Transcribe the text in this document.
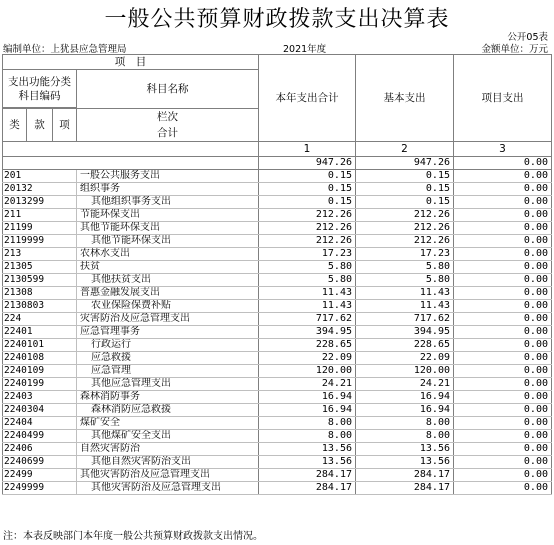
一般公共预算财政拨款支出决算表
公开05表
编制单位：上犹县应急管理局	2021年度	金额单位：万元
项　目				本年支出合计	基本支出	项目支出
支出功能分类科目编码			科目名称			

类	款	项	栏次
合计			

				1	2	3
				947.26	947.26	0.00
201			一般公共服务支出	0.15	0.15	0.00
20132			组织事务	0.15	0.15	0.00
2013299			其他组织事务支出	0.15	0.15	0.00
211			节能环保支出	212.26	212.26	0.00
21199			其他节能环保支出	212.26	212.26	0.00
2119999			其他节能环保支出	212.26	212.26	0.00
213			农林水支出	17.23	17.23	0.00
21305			扶贫	5.80	5.80	0.00
2130599			其他扶贫支出	5.80	5.80	0.00
21308			普惠金融发展支出	11.43	11.43	0.00
2130803			农业保险保费补贴	11.43	11.43	0.00
224			灾害防治及应急管理支出	717.62	717.62	0.00
22401			应急管理事务	394.95	394.95	0.00
2240101			行政运行	228.65	228.65	0.00
2240108			应急救援	22.09	22.09	0.00
2240109			应急管理	120.00	120.00	0.00
2240199			其他应急管理支出	24.21	24.21	0.00
22403			森林消防事务	16.94	16.94	0.00
2240304			森林消防应急救援	16.94	16.94	0.00
22404			煤矿安全	8.00	8.00	0.00
2240499			其他煤矿安全支出	8.00	8.00	0.00
22406			自然灾害防治	13.56	13.56	0.00
2240699			其他自然灾害防治支出	13.56	13.56	0.00
22499			其他灾害防治及应急管理支出	284.17	284.17	0.00
2249999			其他灾害防治及应急管理支出	284.17	284.17	0.00
注：本表反映部门本年度一般公共预算财政拨款支出情况。
